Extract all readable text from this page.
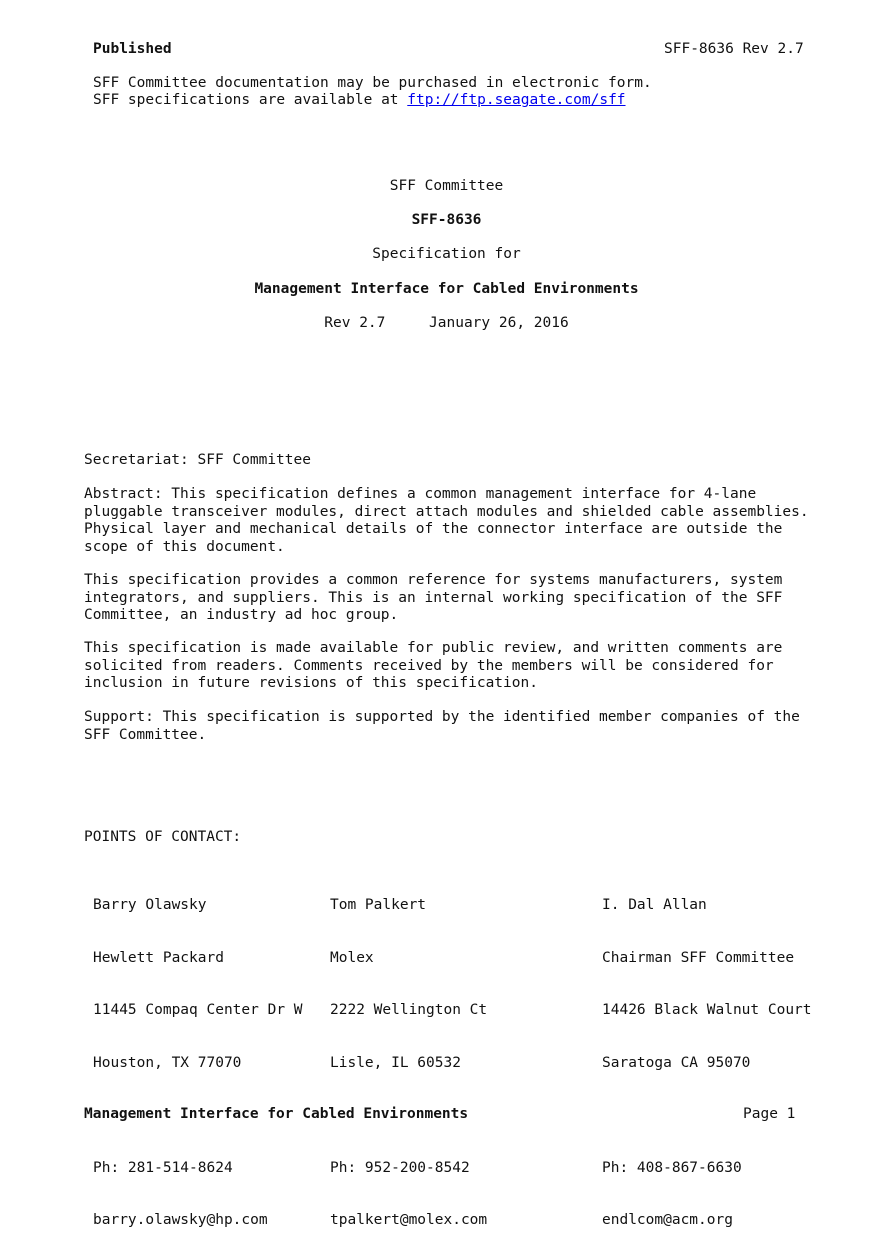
Published	SFF-8636 Rev 2.7
SFF Committee documentation may be purchased in electronic form.
SFF specifications are available at ftp://ftp.seagate.com/sff
SFF Committee
SFF-8636
Specification for
Management Interface for Cabled Environments
Rev 2.7     January 26, 2016
Secretariat: SFF Committee
Abstract: This specification defines a common management interface for 4-lane
pluggable transceiver modules, direct attach modules and shielded cable assemblies.
Physical layer and mechanical details of the connector interface are outside the
scope of this document.
This specification provides a common reference for systems manufacturers, system
integrators, and suppliers. This is an internal working specification of the SFF
Committee, an industry ad hoc group.
This specification is made available for public review, and written comments are
solicited from readers. Comments received by the members will be considered for
inclusion in future revisions of this specification.
Support: This specification is supported by the identified member companies of the
SFF Committee.
POINTS OF CONTACT:

Barry Olawsky

Hewlett Packard

11445 Compaq Center Dr W

Houston, TX 77070

Ph: 281-514-8624

barry.olawsky@hp.com

Tom Palkert

Molex

2222 Wellington Ct

Lisle, IL 60532

Ph: 952-200-8542

tpalkert@molex.com

I. Dal Allan

Chairman SFF Committee

14426 Black Walnut Court

Saratoga CA 95070

Ph: 408-867-6630

endlcom@acm.org

Management Interface for Cabled Environments	Page 1
